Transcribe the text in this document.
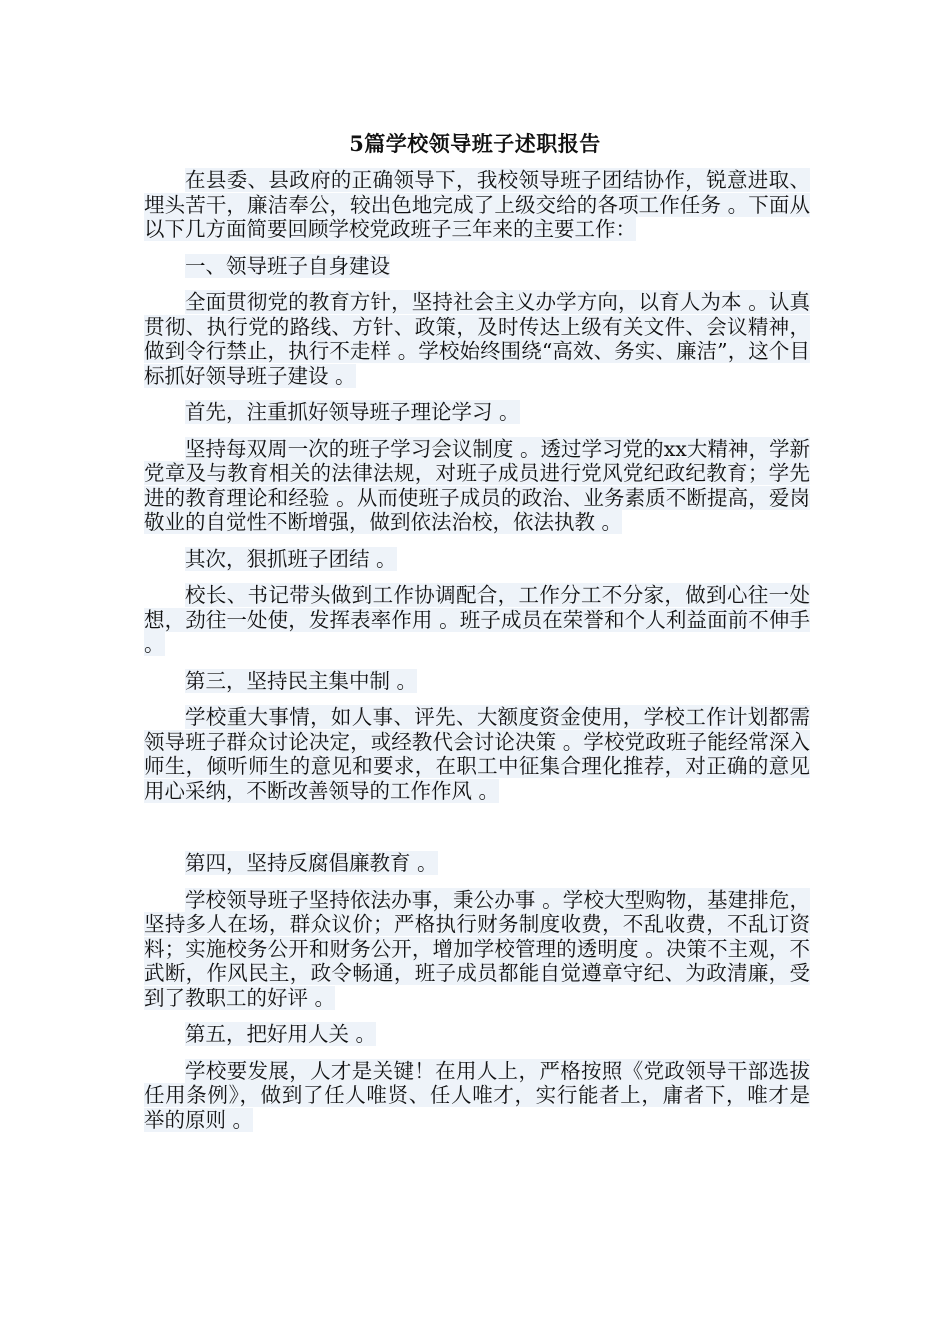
5篇学校领导班子述职报告

在县委、县政府的正确领导下，我校领导班子团结协作，锐意进取、埋头苦干，廉洁奉公，较出色地完成了上级交给的各项工作任务 。下面从以下几方面简要回顾学校党政班子三年来的主要工作：

一、领导班子自身建设

全面贯彻党的教育方针，坚持社会主义办学方向，以育人为本 。认真贯彻、执行党的路线、方针、政策，及时传达上级有关文件、会议精神，做到令行禁止，执行不走样 。学校始终围绕“高效、务实、廉洁”，这个目标抓好领导班子建设 。

首先，注重抓好领导班子理论学习 。

坚持每双周一次的班子学习会议制度 。透过学习党的xx大精神，学新党章及与教育相关的法律法规，对班子成员进行党风党纪政纪教育；学先进的教育理论和经验 。从而使班子成员的政治、业务素质不断提高，爱岗敬业的自觉性不断增强，做到依法治校，依法执教 。

其次，狠抓班子团结 。

校长、书记带头做到工作协调配合，工作分工不分家，做到心往一处想，劲往一处使，发挥表率作用 。班子成员在荣誉和个人利益面前不伸手 。

第三，坚持民主集中制 。

学校重大事情，如人事、评先、大额度资金使用，学校工作计划都需领导班子群众讨论决定，或经教代会讨论决策 。学校党政班子能经常深入师生，倾听师生的意见和要求，在职工中征集合理化推荐，对正确的意见用心采纳，不断改善领导的工作作风 。

第四，坚持反腐倡廉教育 。

学校领导班子坚持依法办事，秉公办事 。学校大型购物，基建排危，坚持多人在场，群众议价；严格执行财务制度收费，不乱收费，不乱订资料；实施校务公开和财务公开，增加学校管理的透明度 。决策不主观，不武断，作风民主，政令畅通，班子成员都能自觉遵章守纪、为政清廉，受到了教职工的好评 。

第五，把好用人关 。

学校要发展，人才是关键！在用人上，严格按照《党政领导干部选拔任用条例》，做到了任人唯贤、任人唯才，实行能者上，庸者下，唯才是举的原则 。
